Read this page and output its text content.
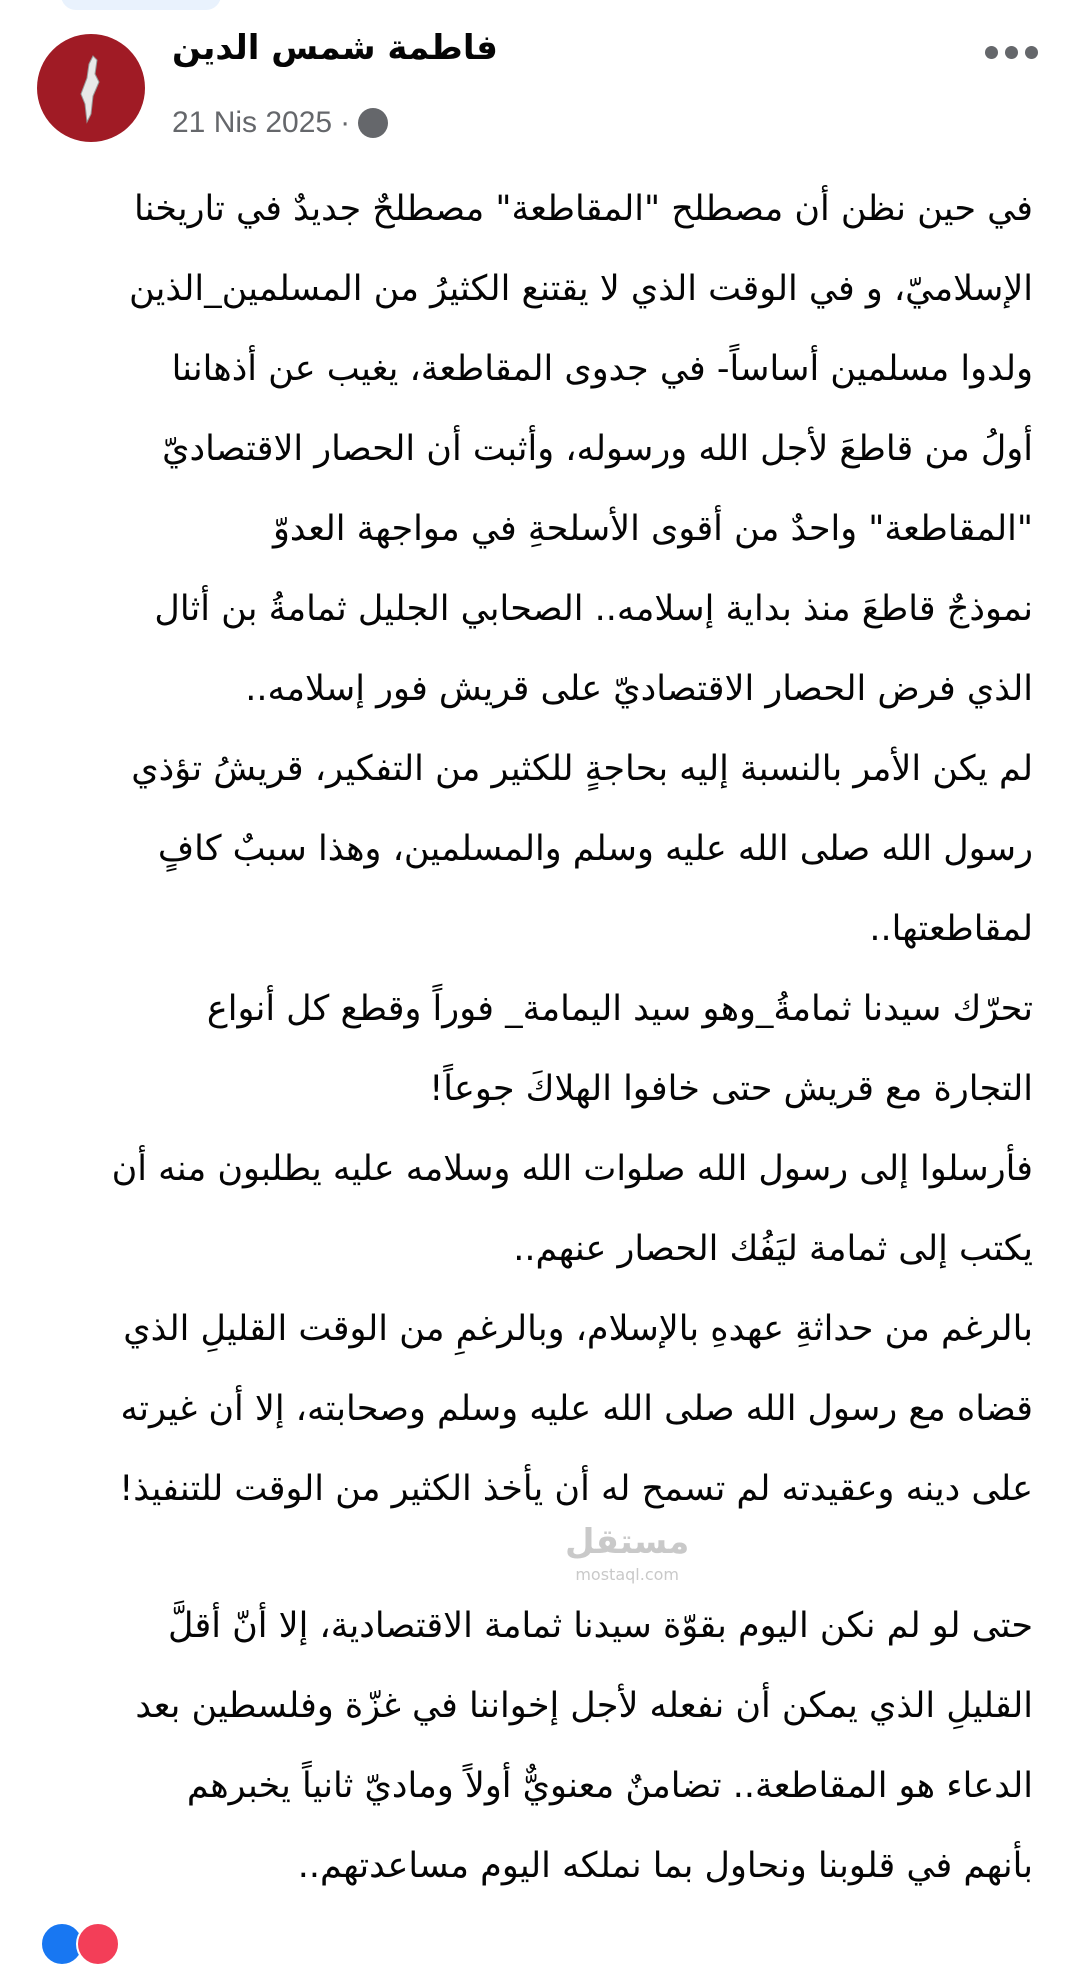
فاطمة شمس الدين
21 Nis 2025 ·
في حين نظن أن مصطلح "المقاطعة" مصطلحٌ جديدٌ في تاريخنا
الإسلاميّ، و في الوقت الذي لا يقتنع الكثيرُ من المسلمين_الذين
ولدوا مسلمين أساساً- في جدوى المقاطعة، يغيب عن أذهاننا
أولُ من قاطعَ لأجل الله ورسوله، وأثبت أن الحصار الاقتصاديّ
"المقاطعة" واحدٌ من أقوى الأسلحةِ في مواجهة العدوّ
نموذجٌ قاطعَ منذ بداية إسلامه.. الصحابي الجليل ثمامةُ بن أثال
الذي فرض الحصار الاقتصاديّ على قريش فور إسلامه..
لم يكن الأمر بالنسبة إليه بحاجةٍ للكثير من التفكير، قريشُ تؤذي
رسول الله صلى الله عليه وسلم والمسلمين، وهذا سببٌ كافٍ
لمقاطعتها..
تحرّك سيدنا ثمامةُ_وهو سيد اليمامة_ فوراً وقطع كل أنواع
التجارة مع قريش حتى خافوا الهلاكَ جوعاً!
فأرسلوا إلى رسول الله صلوات الله وسلامه عليه يطلبون منه أن
يكتب إلى ثمامة ليَفُك الحصار عنهم..
بالرغم من حداثةِ عهدهِ بالإسلام، وبالرغمِ من الوقت القليلِ الذي
قضاه مع رسول الله صلى الله عليه وسلم وصحابته، إلا أن غيرته
على دينه وعقيدته لم تسمح له أن يأخذ الكثير من الوقت للتنفيذ!
حتى لو لم نكن اليوم بقوّة سيدنا ثمامة الاقتصادية، إلا أنّ أقلَّ
القليلِ الذي يمكن أن نفعله لأجل إخواننا في غزّة وفلسطين بعد
الدعاء هو المقاطعة.. تضامنٌ معنويٌّ أولاً وماديّ ثانياً يخبرهم
بأنهم في قلوبنا ونحاول بما نملكه اليوم مساعدتهم..
مستقل
mostaql.com
